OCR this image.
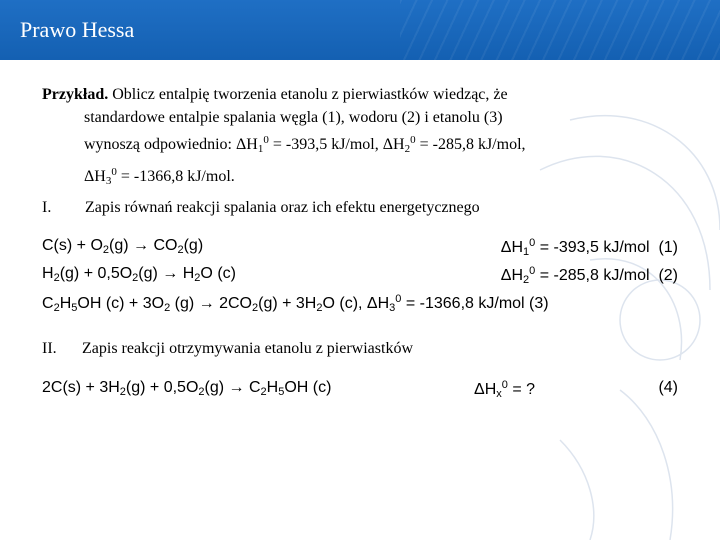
Prawo Hessa
Przykład. Oblicz entalpię tworzenia etanolu z pierwiastków wiedząc, że
standardowe entalpie spalania węgla (1), wodoru (2) i etanolu (3)
wynoszą odpowiednio: $\Delta H_1^0 = -393,5$ kJ/mol, $\Delta H_2^0 = -285,8$ kJ/mol,
$\Delta H_3^0 = -1366,8$ kJ/mol.
I. Zapis równań reakcji spalania oraz ich efektu energetycznego
$C(s) + O_2(g) \to CO_2(g)$	$\Delta H_1^0 = -393,5$ kJ/mol (1)
$H_2(g) + 0,5O_2(g) \to H_2O$ (c)	$\Delta H_2^0 = -285,8$ kJ/mol (2)
$C_2H_5OH$ $(c) + 3O_2$ $(g) \to 2CO_2(g) + 3H_2O$ (c), $\Delta H_3^0 = -1366,8$ kJ/mol (3)
II. Zapis reakcji otrzymywania etanolu z pierwiastków
$2C(s) + 3H_2(g) + 0,5O_2(g) \to C_2H_5OH$ (c)	$\Delta H_x^0$ = ?	(4)
